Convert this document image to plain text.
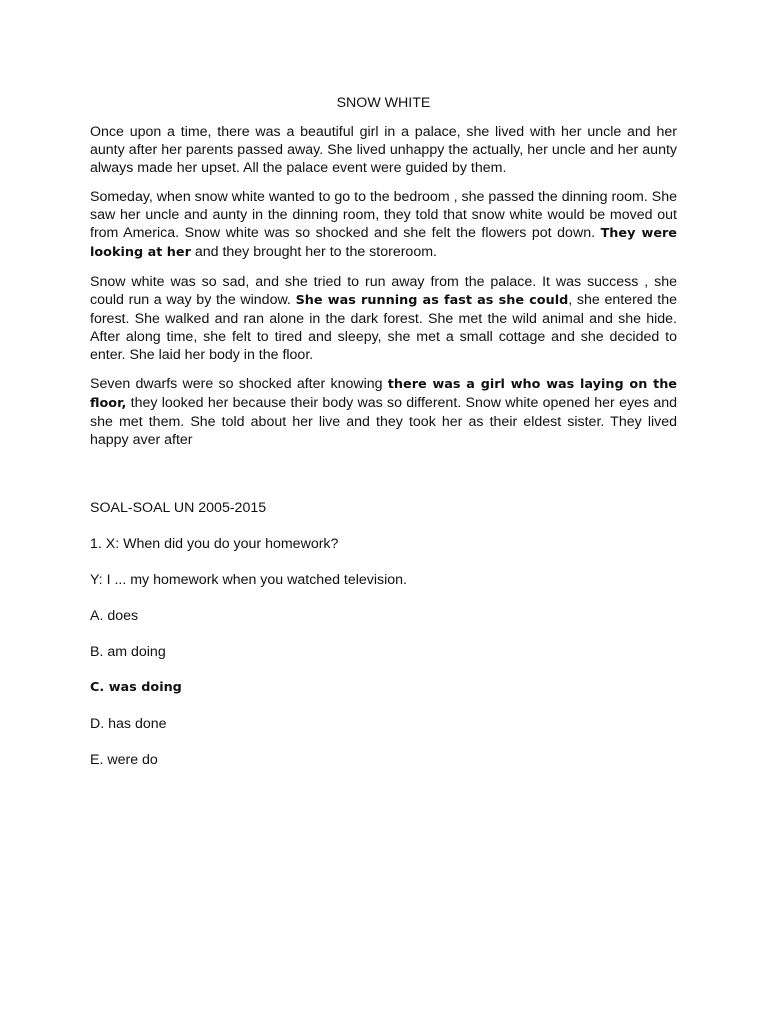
SNOW WHITE

Once upon a time, there was a beautiful girl in a palace, she lived with her uncle and her aunty after her parents passed away. She lived unhappy the actually, her uncle and her aunty always made her upset. All the palace event were guided by them.

Someday, when snow white wanted to go to the bedroom , she passed the dinning room. She saw her uncle and aunty in the dinning room, they told that snow white would be moved out from America. Snow white was so shocked and she felt the flowers pot down. They were looking at her and they brought her to the storeroom.

Snow white was so sad, and she tried to run away from the palace. It was success , she could run a way by the window. She was running as fast as she could, she entered the forest. She walked and ran alone in the dark forest. She met the wild animal and she hide. After along time, she felt to tired and sleepy, she met a small cottage and she decided to enter. She laid her body in the floor.

Seven dwarfs were so shocked after knowing there was a girl who was laying on the floor, they looked her because their body was so different. Snow white opened her eyes and she met them. She told about her live and they took her as their eldest sister. They lived happy aver after

SOAL-SOAL UN 2005-2015
1. X: When did you do your homework?
Y: I ... my homework when you watched television.
A. does
B. am doing
C. was doing
D. has done
E. were do
